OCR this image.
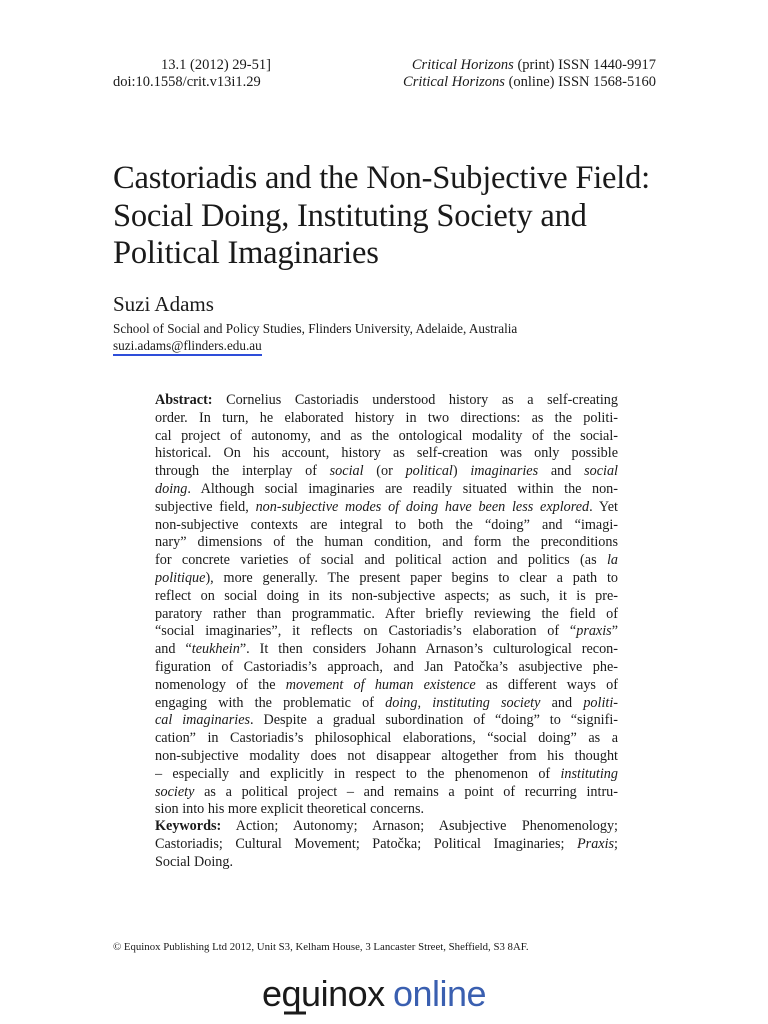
13.1 (2012) 29-51]	Critical Horizons (print) ISSN 1440-9917
doi:10.1558/crit.v13i1.29	Critical Horizons (online) ISSN 1568-5160
Castoriadis and the Non-Subjective Field:
Social Doing, Instituting Society and
Political Imaginaries
Suzi Adams
School of Social and Policy Studies, Flinders University, Adelaide, Australia
suzi.adams@flinders.edu.au
Abstract: Cornelius Castoriadis understood history as a self-creating
order. In turn, he elaborated history in two directions: as the politi-
cal project of autonomy, and as the ontological modality of the social-
historical. On his account, history as self-creation was only possible
through the interplay of social (or political) imaginaries and social
doing. Although social imaginaries are readily situated within the non-
subjective field, non-subjective modes of doing have been less explored. Yet
non-subjective contexts are integral to both the “doing” and “imagi-
nary” dimensions of the human condition, and form the preconditions
for concrete varieties of social and political action and politics (as la
politique), more generally. The present paper begins to clear a path to
reflect on social doing in its non-subjective aspects; as such, it is pre-
paratory rather than programmatic. After briefly reviewing the field of
“social imaginaries”, it reflects on Castoriadis’s elaboration of “praxis”
and “teukhein”. It then considers Johann Arnason’s culturological recon-
figuration of Castoriadis’s approach, and Jan Patočka’s asubjective phe-
nomenology of the movement of human existence as different ways of
engaging with the problematic of doing, instituting society and politi-
cal imaginaries. Despite a gradual subordination of “doing” to “signifi-
cation” in Castoriadis’s philosophical elaborations, “social doing” as a
non-subjective modality does not disappear altogether from his thought
– especially and explicitly in respect to the phenomenon of instituting
society as a political project – and remains a point of recurring intru-
sion into his more explicit theoretical concerns.
Keywords: Action; Autonomy; Arnason; Asubjective Phenomenology;
Castoriadis; Cultural Movement; Patočka; Political Imaginaries; Praxis;
Social Doing.
© Equinox Publishing Ltd 2012, Unit S3, Kelham House, 3 Lancaster Street, Sheffield, S3 8AF.
equinox online
